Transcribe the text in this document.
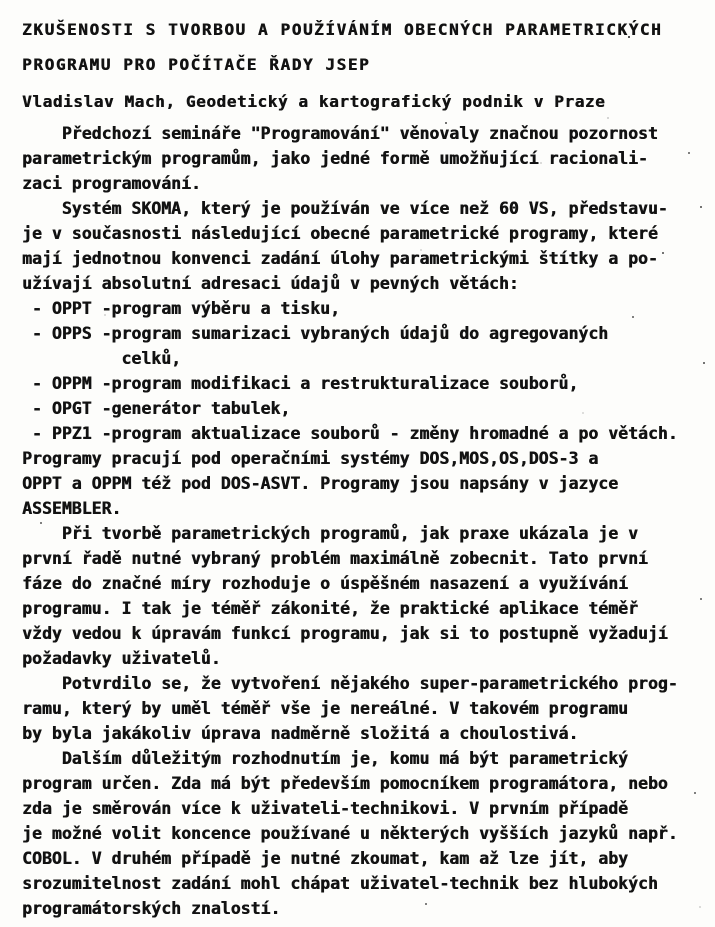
ZKUŠENOSTI S TVORBOU A POUŽÍVÁNÍM OBECNÝCH PARAMETRICKÝCH
PROGRAMU PRO POČÍTAČE ŘADY JSEP
Vladislav Mach, Geodetický a kartografický podnik v Praze
Předchozí semináře "Programování" věnovaly značnou pozornost
parametrickým programům, jako jedné formě umožňující racionali-
zaci programování.
Systém SKOMA, který je používán ve více než 60 VS, představu-
je v současnosti následující obecné parametrické programy, které
mají jednotnou konvenci zadání úlohy parametrickými štítky a po-
užívají absolutní adresaci údajů v pevných větách:
- OPPT -program výběru a tisku,
- OPPS -program sumarizaci vybraných údajů do agregovaných
celků,
- OPPM -program modifikaci a restrukturalizace souborů,
- OPGT -generátor tabulek,
- PPZ1 -program aktualizace souborů - změny hromadné a po větách.
Programy pracují pod operačními systémy DOS,MOS,OS,DOS-3 a
OPPT a OPPM též pod DOS-ASVT. Programy jsou napsány v jazyce
ASSEMBLER.
Při tvorbě parametrických programů, jak praxe ukázala je v
první řadě nutné vybraný problém maximálně zobecnit. Tato první
fáze do značné míry rozhoduje o úspěšném nasazení a využívání
programu. I tak je téměř zákonité, že praktické aplikace téměř
vždy vedou k úpravám funkcí programu, jak si to postupně vyžadují
požadavky uživatelů.
Potvrdilo se, že vytvoření nějakého super-parametrického prog-
ramu, který by uměl téměř vše je nereálné. V takovém programu
by byla jakákoliv úprava nadměrně složitá a choulostivá.
Dalším důležitým rozhodnutím je, komu má být parametrický
program určen. Zda má být především pomocníkem programátora, nebo
zda je směrován více k uživateli-technikovi. V prvním případě
je možné volit koncence používané u některých vyšších jazyků např.
COBOL. V druhém případě je nutné zkoumat, kam až lze jít, aby
srozumitelnost zadání mohl chápat uživatel-technik bez hlubokých
programátorských znalostí.
